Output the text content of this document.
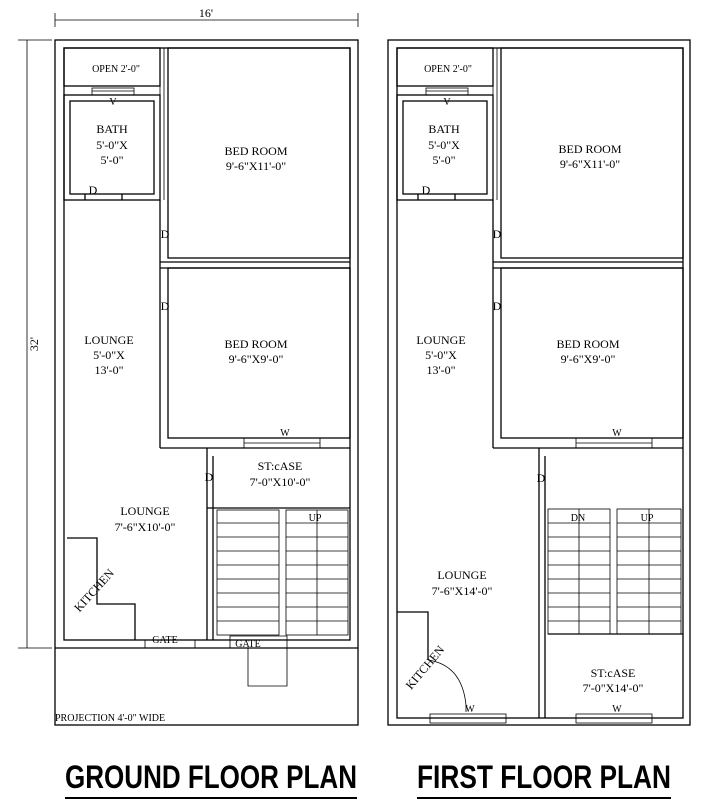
16'
32'
OPEN 2'-0"
V
BATH
5'-0"X
5'-0"
D
BED ROOM
9'-6"X11'-0"
D
BED ROOM
9'-6"X9'-0"
D
W
LOUNGE
5'-0"X
13'-0"
D
ST:cASE
7'-0"X10'-0"
UP
LOUNGE
7'-6"X10'-0"
KITCHEN
GATE	GATE
PROJECTION 4'-0" WIDE
OPEN 2'-0"
V
BATH
5'-0"X
5'-0"
D
BED ROOM
9'-6"X11'-0"
D
BED ROOM
9'-6"X9'-0"
D
W
LOUNGE
5'-0"X
13'-0"
D
DN	UP
ST:cASE
7'-0"X14'-0"
LOUNGE
7'-6"X14'-0"
KITCHEN
W	W
GROUND FLOOR PLAN FIRST FLOOR PLAN
